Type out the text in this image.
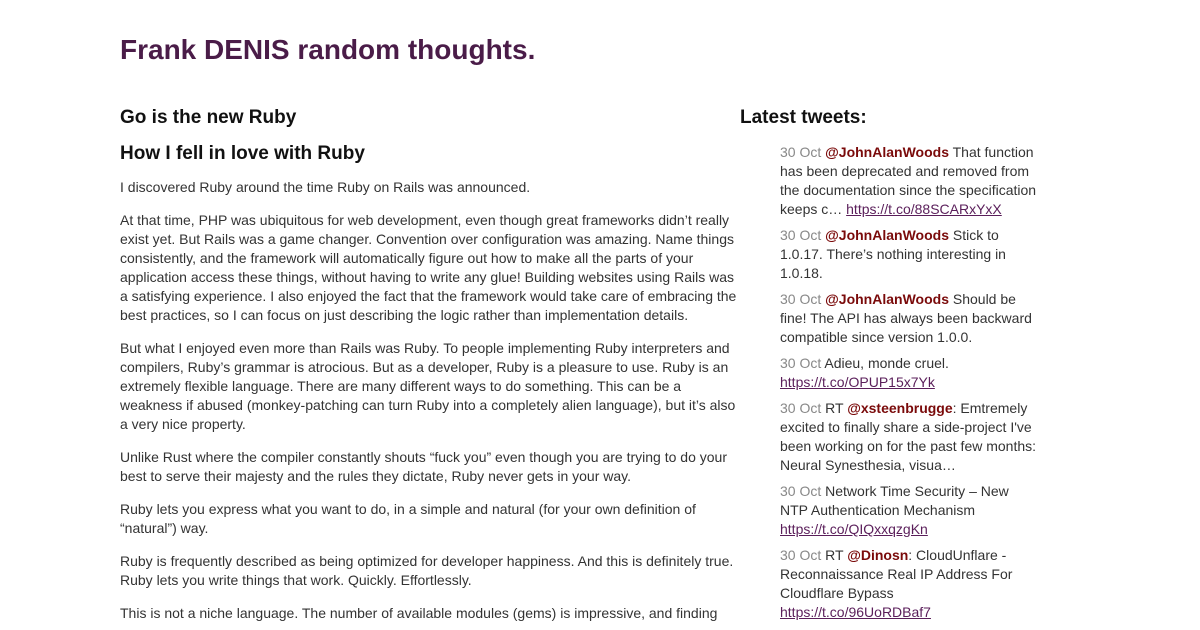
Frank DENIS random thoughts.
Go is the new Ruby
How I fell in love with Ruby

I discovered Ruby around the time Ruby on Rails was announced.

At that time, PHP was ubiquitous for web development, even though great frameworks didn’t really exist yet. But Rails was a game changer. Convention over configuration was amazing. Name things consistently, and the framework will automatically figure out how to make all the parts of your application access these things, without having to write any glue! Building websites using Rails was a satisfying experience. I also enjoyed the fact that the framework would take care of embracing the best practices, so I can focus on just describing the logic rather than implementation details.

But what I enjoyed even more than Rails was Ruby. To people implementing Ruby interpreters and compilers, Ruby’s grammar is atrocious. But as a developer, Ruby is a pleasure to use. Ruby is an extremely flexible language. There are many different ways to do something. This can be a weakness if abused (monkey-patching can turn Ruby into a completely alien language), but it’s also a very nice property.

Unlike Rust where the compiler constantly shouts “fuck you” even though you are trying to do your best to serve their majesty and the rules they dictate, Ruby never gets in your way.

Ruby lets you express what you want to do, in a simple and natural (for your own definition of “natural”) way.

Ruby is frequently described as being optimized for developer happiness. And this is definitely true. Ruby lets you write things that work. Quickly. Effortlessly.

This is not a niche language. The number of available modules (gems) is impressive, and finding

Latest tweets:
30 Oct @JohnAlanWoods That function has been deprecated and removed from the documentation since the specification keeps c… https://t.co/88SCARxYxX
30 Oct @JohnAlanWoods Stick to 1.0.17. There’s nothing interesting in 1.0.18.
30 Oct @JohnAlanWoods Should be fine! The API has always been backward compatible since version 1.0.0.
30 Oct Adieu, monde cruel. https://t.co/OPUP15x7Yk
30 Oct RT @xsteenbrugge: Emtremely excited to finally share a side-project I've been working on for the past few months: Neural Synesthesia, visua…
30 Oct Network Time Security – New NTP Authentication Mechanism https://t.co/QIQxxqzgKn
30 Oct RT @Dinosn: CloudUnflare - Reconnaissance Real IP Address For Cloudflare Bypass https://t.co/96UoRDBaf7
